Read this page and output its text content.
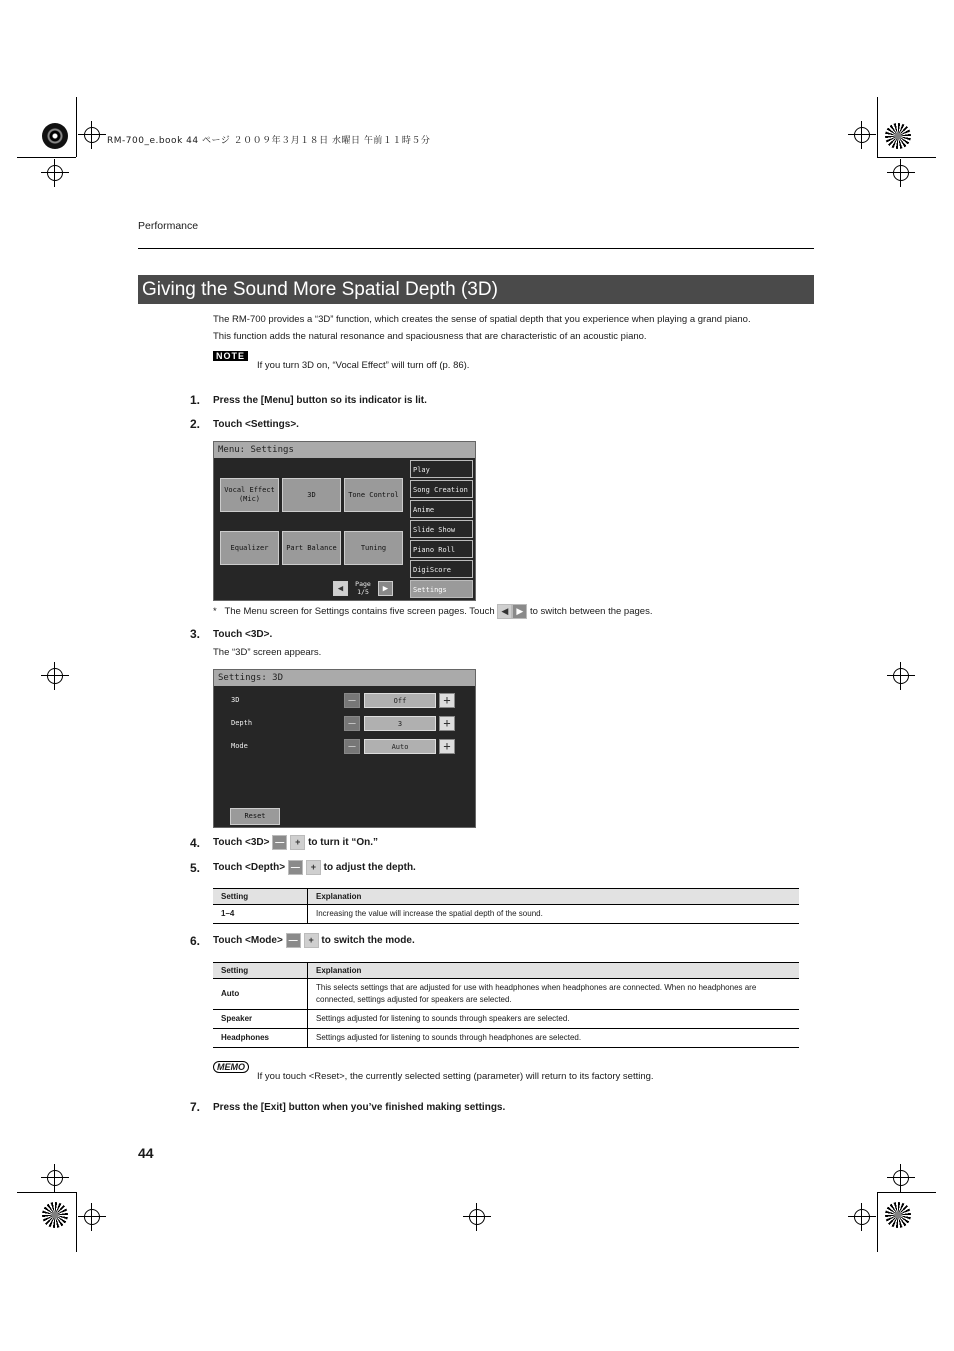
RM-700_e.book 44 ページ ２００９年３月１８日 水曜日 午前１１時５分
Performance
Giving the Sound More Spatial Depth (3D)
The RM-700 provides a “3D” function, which creates the sense of spatial depth that you experience when playing a grand piano.
This function adds the natural resonance and spaciousness that are characteristic of an acoustic piano.
NOTE
If you turn 3D on, “Vocal Effect” will turn off (p. 86).
1. Press the [Menu] button so its indicator is lit.
2. Touch <Settings>.
Menu: Settings
Vocal Effect
(Mic)
3D	Tone Control
Equalizer	Part Balance	Tuning
Play
Song Creation
Anime
Slide Show
Piano Roll
DigiScore
Settings
◀	Page
1/5	▶
* The Menu screen for Settings contains five screen pages. Touch ◀ ▶ to switch between the pages.
3. Touch <3D>.
The “3D” screen appears.
Settings: 3D
3D	—	Off	+
Depth	—	3	+
Mode	—	Auto	+
Reset
4. Touch <3D> — + to turn it “On.”
5. Touch <Depth> — + to adjust the depth.
Setting	Explanation
1–4	Increasing the value will increase the spatial depth of the sound.
6. Touch <Mode> — + to switch the mode.
Setting	Explanation
Auto	This selects settings that are adjusted for use with headphones when headphones are connected. When no headphones are connected, settings adjusted for speakers are selected.
Speaker	Settings adjusted for listening to sounds through speakers are selected.
Headphones	Settings adjusted for listening to sounds through headphones are selected.
MEMO
If you touch <Reset>, the currently selected setting (parameter) will return to its factory setting.
7. Press the [Exit] button when you’ve finished making settings.
44
